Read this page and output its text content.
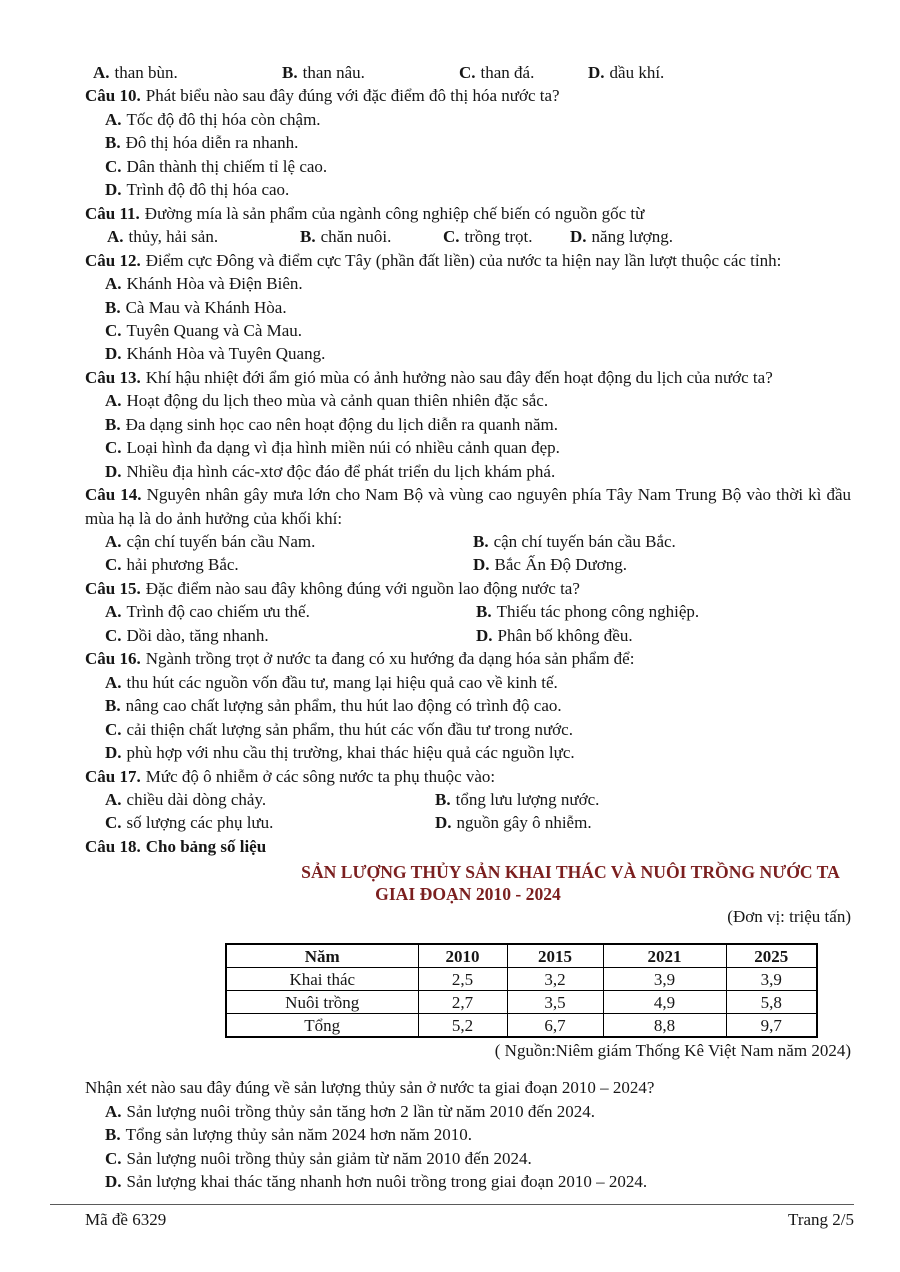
A. than bùn.	B. than nâu.	C. than đá.	D. dầu khí.
Câu 10. Phát biểu nào sau đây đúng với đặc điểm đô thị hóa nước ta?
A. Tốc độ đô thị hóa còn chậm.
B. Đô thị hóa diễn ra nhanh.
C. Dân thành thị chiếm tỉ lệ cao.
D. Trình độ đô thị hóa cao.
Câu 11. Đường mía là sản phẩm của ngành công nghiệp chế biến có nguồn gốc từ
A. thủy, hải sản.	B. chăn nuôi.	C. trồng trọt. D. năng lượng.
Câu 12. Điểm cực Đông và điểm cực Tây (phần đất liền) của nước ta hiện nay lần lượt thuộc các tỉnh:
A. Khánh Hòa và Điện Biên.
B. Cà Mau và Khánh Hòa.
C. Tuyên Quang và Cà Mau.
D. Khánh Hòa và Tuyên Quang.
Câu 13. Khí hậu nhiệt đới ẩm gió mùa có ảnh hưởng nào sau đây đến hoạt động du lịch của nước ta?
A. Hoạt động du lịch theo mùa và cảnh quan thiên nhiên đặc sắc.
B. Đa dạng sinh học cao nên hoạt động du lịch diễn ra quanh năm.
C. Loại hình đa dạng vì địa hình miền núi có nhiều cảnh quan đẹp.
D. Nhiều địa hình các-xtơ độc đáo để phát triển du lịch khám phá.
Câu 14. Nguyên nhân gây mưa lớn cho Nam Bộ và vùng cao nguyên phía Tây Nam Trung Bộ vào thời kì đầu mùa hạ là do ảnh hưởng của khối khí:
A. cận chí tuyến bán cầu Nam.	B. cận chí tuyến bán cầu Bắc.
C. hải phương Bắc.	D. Bắc Ấn Độ Dương.
Câu 15. Đặc điểm nào sau đây không đúng với nguồn lao động nước ta?
A. Trình độ cao chiếm ưu thế.	B. Thiếu tác phong công nghiệp.
C. Dồi dào, tăng nhanh.	D. Phân bố không đều.
Câu 16. Ngành trồng trọt ở nước ta đang có xu hướng đa dạng hóa sản phẩm để:
A. thu hút các nguồn vốn đầu tư, mang lại hiệu quả cao về kinh tế.
B. nâng cao chất lượng sản phẩm, thu hút lao động có trình độ cao.
C. cải thiện chất lượng sản phẩm, thu hút các vốn đầu tư trong nước.
D. phù hợp với nhu cầu thị trường, khai thác hiệu quả các nguồn lực.
Câu 17. Mức độ ô nhiễm ở các sông nước ta phụ thuộc vào:
A. chiều dài dòng chảy.	B. tổng lưu lượng nước.
C. số lượng các phụ lưu.	D. nguồn gây ô nhiễm.
Câu 18. Cho bảng số liệu
SẢN LƯỢNG THỦY SẢN KHAI THÁC VÀ NUÔI TRỒNG NƯỚC TA
GIAI ĐOẠN 2010 - 2024
(Đơn vị: triệu tấn)
Năm	2010	2015	2021	2025
Khai thác	2,5	3,2	3,9	3,9
Nuôi trồng	2,7	3,5	4,9	5,8
Tổng	5,2	6,7	8,8	9,7
( Nguồn:Niêm giám Thống Kê Việt Nam năm 2024)
Nhận xét nào sau đây đúng về sản lượng thủy sản ở nước ta giai đoạn 2010 – 2024?
A. Sản lượng nuôi trồng thủy sản tăng hơn 2 lần từ năm 2010 đến 2024.
B. Tổng sản lượng thủy sản năm 2024 hơn năm 2010.
C. Sản lượng nuôi trồng thủy sản giảm từ năm 2010 đến 2024.
D. Sản lượng khai thác tăng nhanh hơn nuôi trồng trong giai đoạn 2010 – 2024.
Mã đề 6329	Trang 2/5
